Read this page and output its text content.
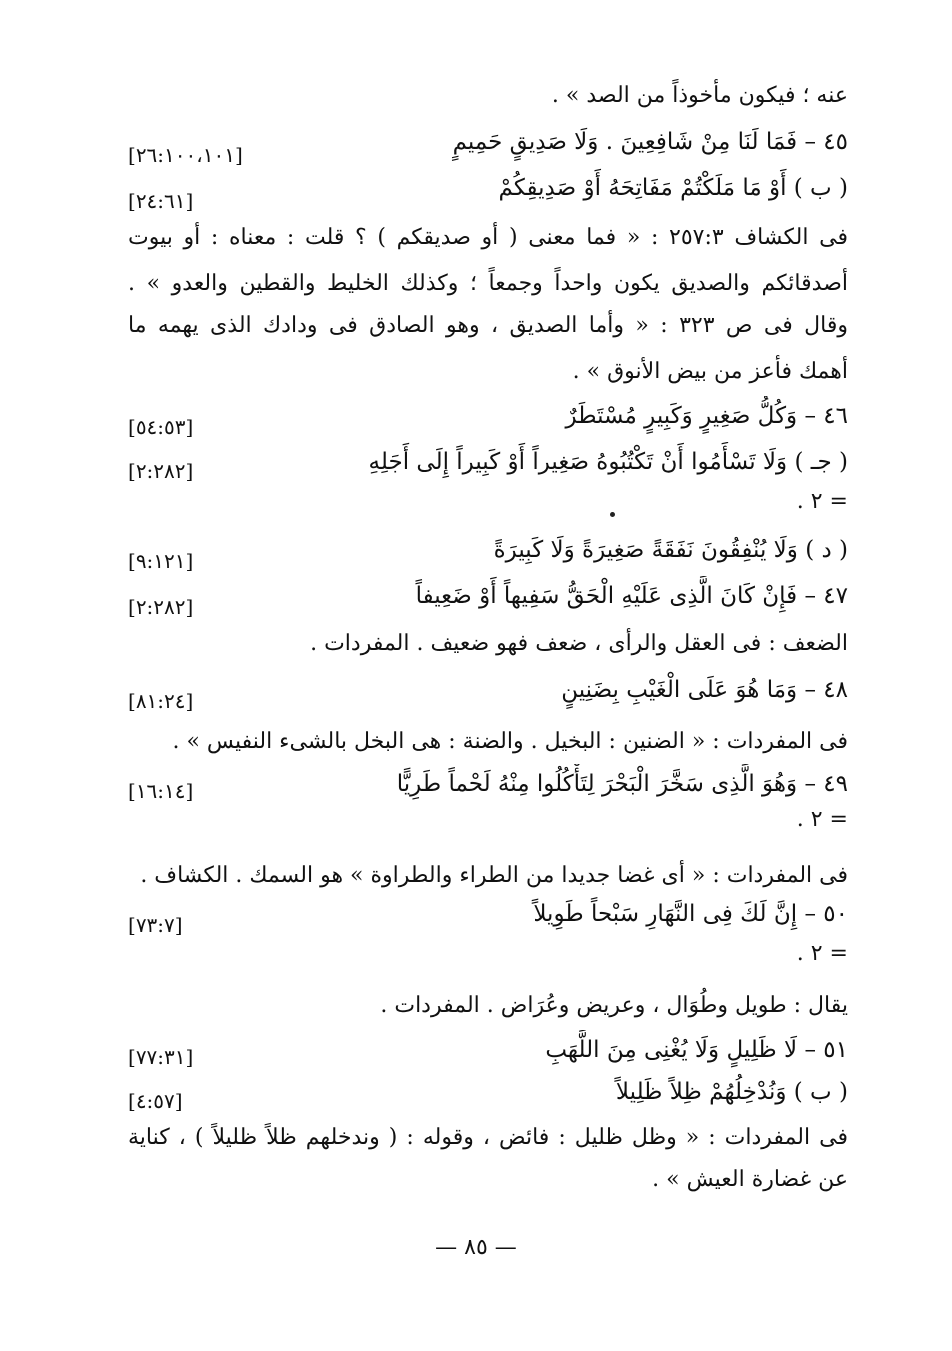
عنه ؛ فيكون مأخوذاً من الصد » .
٤٥ – فَمَا لَنَا مِنْ شَافِعِينَ . وَلَا صَدِيقٍ حَمِيمٍ
[٢٦:١٠٠،١٠١]
( ب ) أَوْ مَا مَلَكْتُمْ مَفَاتِحَهُ أَوْ صَدِيقِكُمْ
[٢٤:٦١]
فى الكشاف ٢٥٧:٣ : « فما معنى ( أو صديقكم ) ؟ قلت : معناه : أو بيوت
أصدقائكم والصديق يكون واحداً وجمعاً ؛ وكذلك الخليط والقطين والعدو » .
وقال فى ص ٣٢٣ : « وأما الصديق ، وهو الصادق فى ودادك الذى يهمه ما
أهمك فأعز من بيض الأنوق » .
٤٦ – وَكُلُّ صَغِيرٍ وَكَبِيرٍ مُسْتَطَرٌ
[٥٤:٥٣]
( جـ ) وَلَا تَسْأَمُوا أَنْ تَكْتُبُوهُ صَغِيراً أَوْ كَبِيراً إِلَى أَجَلِهِ
[٢:٢٨٢]
= ٢ .
( د ) وَلَا يُنْفِقُونَ نَفَقَةً صَغِيرَةً وَلَا كَبِيرَةً
[٩:١٢١]
٤٧ – فَإِنْ كَانَ الَّذِى عَلَيْهِ الْحَقُّ سَفِيهاً أَوْ ضَعِيفاً
[٢:٢٨٢]
الضعف : فى العقل والرأى ، ضعف فهو ضعيف . المفردات .
٤٨ – وَمَا هُوَ عَلَى الْغَيْبِ بِضَنِينٍ
[٨١:٢٤]
فى المفردات : « الضنين : البخيل . والضنة : هى البخل بالشىء النفيس » .
٤٩ – وَهُوَ الَّذِى سَخَّرَ الْبَحْرَ لِتَأْكُلُوا مِنْهُ لَحْماً طَرِيًّا
[١٦:١٤]
= ٢ .
فى المفردات : « أى غضا جديدا من الطراء والطراوة » هو السمك . الكشاف .
٥٠ – إِنَّ لَكَ فِى النَّهَارِ سَبْحاً طَوِيلاً
[٧٣:٧]
= ٢ .
يقال : طويل وطُوَال ، وعريض وعُرَاض . المفردات .
٥١ – لَا ظَلِيلٍ وَلَا يُغْنِى مِنَ اللَّهَبِ
[٧٧:٣١]
( ب ) وَنُدْخِلُهُمْ ظِلاً ظَلِيلاً
[٤:٥٧]
فى المفردات : « وظل ظليل : فائض ، وقوله : ( وندخلهم ظلاً ظليلاً ) ، كناية
عن غضارة العيش » .
— ٨٥ —
